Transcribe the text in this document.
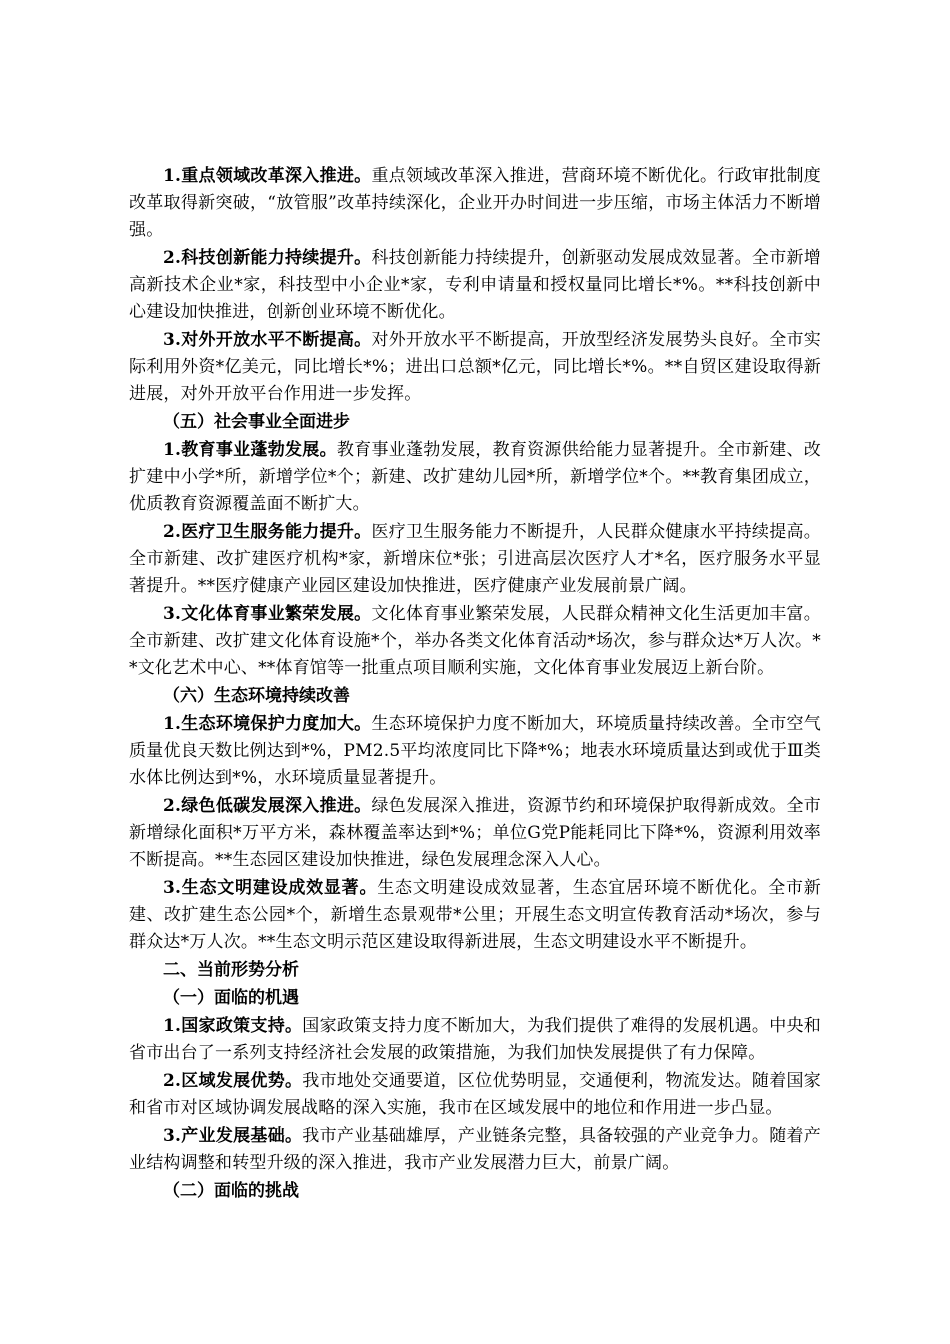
1.重点领域改革深入推进。重点领域改革深入推进，营商环境不断优化。行政审批制度改革取得新突破，“放管服”改革持续深化，企业开办时间进一步压缩，市场主体活力不断增强。

2.科技创新能力持续提升。科技创新能力持续提升，创新驱动发展成效显著。全市新增高新技术企业*家，科技型中小企业*家，专利申请量和授权量同比增长*%。**科技创新中心建设加快推进，创新创业环境不断优化。

3.对外开放水平不断提高。对外开放水平不断提高，开放型经济发展势头良好。全市实际利用外资*亿美元，同比增长*%；进出口总额*亿元，同比增长*%。**自贸区建设取得新进展，对外开放平台作用进一步发挥。

（五）社会事业全面进步

1.教育事业蓬勃发展。教育事业蓬勃发展，教育资源供给能力显著提升。全市新建、改扩建中小学*所，新增学位*个；新建、改扩建幼儿园*所，新增学位*个。**教育集团成立，优质教育资源覆盖面不断扩大。

2.医疗卫生服务能力提升。医疗卫生服务能力不断提升，人民群众健康水平持续提高。全市新建、改扩建医疗机构*家，新增床位*张；引进高层次医疗人才*名，医疗服务水平显著提升。**医疗健康产业园区建设加快推进，医疗健康产业发展前景广阔。

3.文化体育事业繁荣发展。文化体育事业繁荣发展，人民群众精神文化生活更加丰富。全市新建、改扩建文化体育设施*个，举办各类文化体育活动*场次，参与群众达*万人次。**文化艺术中心、**体育馆等一批重点项目顺利实施，文化体育事业发展迈上新台阶。

（六）生态环境持续改善

1.生态环境保护力度加大。生态环境保护力度不断加大，环境质量持续改善。全市空气质量优良天数比例达到*%，PM2.5平均浓度同比下降*%；地表水环境质量达到或优于Ⅲ类水体比例达到*%，水环境质量显著提升。

2.绿色低碳发展深入推进。绿色发展深入推进，资源节约和环境保护取得新成效。全市新增绿化面积*万平方米，森林覆盖率达到*%；单位G党P能耗同比下降*%，资源利用效率不断提高。**生态园区建设加快推进，绿色发展理念深入人心。

3.生态文明建设成效显著。生态文明建设成效显著，生态宜居环境不断优化。全市新建、改扩建生态公园*个，新增生态景观带*公里；开展生态文明宣传教育活动*场次，参与群众达*万人次。**生态文明示范区建设取得新进展，生态文明建设水平不断提升。

二、当前形势分析

（一）面临的机遇

1.国家政策支持。国家政策支持力度不断加大，为我们提供了难得的发展机遇。中央和省市出台了一系列支持经济社会发展的政策措施，为我们加快发展提供了有力保障。

2.区域发展优势。我市地处交通要道，区位优势明显，交通便利，物流发达。随着国家和省市对区域协调发展战略的深入实施，我市在区域发展中的地位和作用进一步凸显。

3.产业发展基础。我市产业基础雄厚，产业链条完整，具备较强的产业竞争力。随着产业结构调整和转型升级的深入推进，我市产业发展潜力巨大，前景广阔。

（二）面临的挑战
